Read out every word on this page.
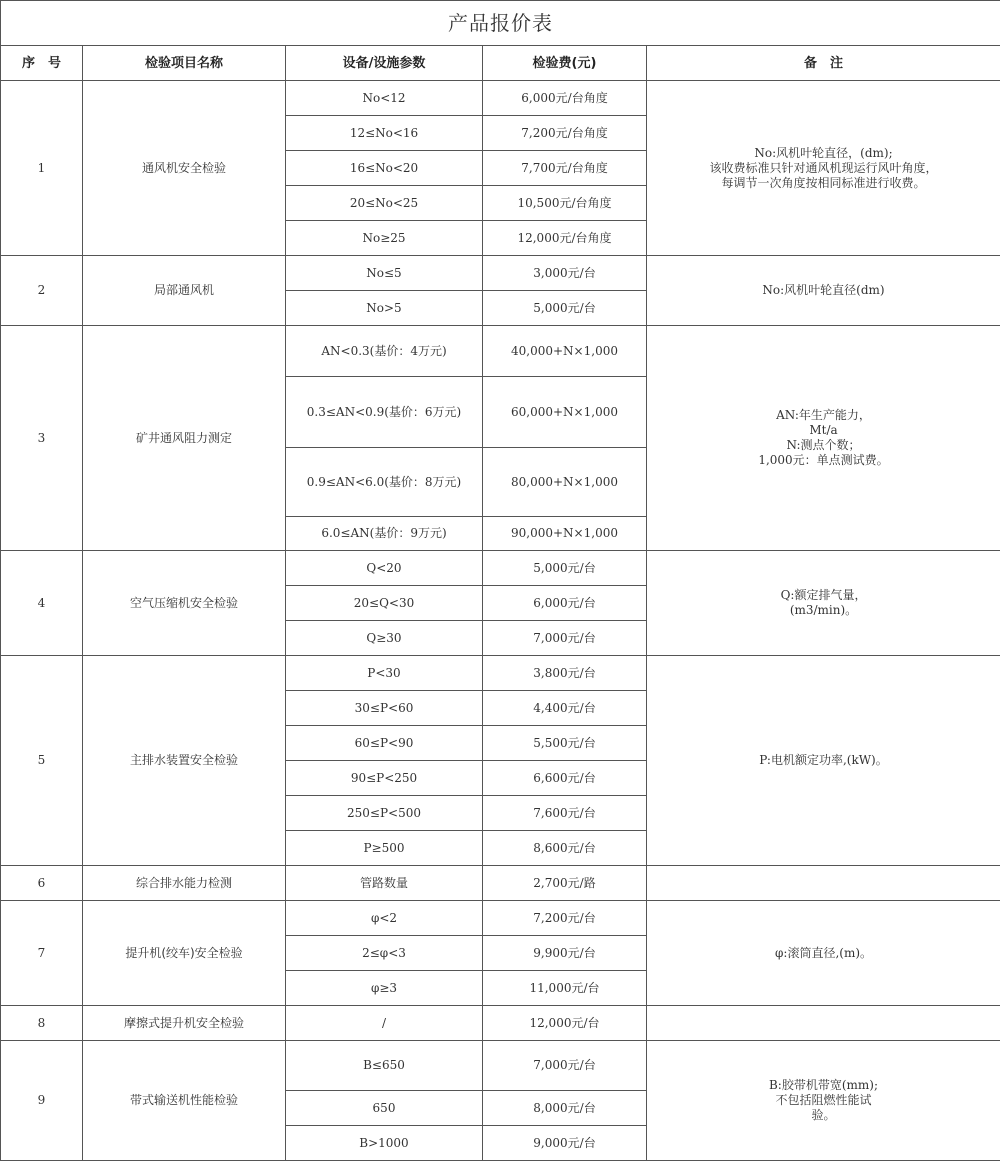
产品报价表				
序　号	检验项目名称	设备/设施参数	检验费(元)	备　注
1	通风机安全检验	No<12	6,000元/台角度	No:风机叶轮直径，(dm);
该收费标准只针对通风机现运行风叶角度，
每调节一次角度按相同标准进行收费。
		12≤No<16	7,200元/台角度	
		16≤No<20	7,700元/台角度	
		20≤No<25	10,500元/台角度	
		No≥25	12,000元/台角度	
2	局部通风机	No≤5	3,000元/台	No:风机叶轮直径(dm)
		No>5	5,000元/台	
3	矿井通风阻力测定	AN<0.3(基价：4万元)	40,000+N×1,000	AN:年生产能力，
Mt/a
N:测点个数；
1,000元：单点测试费。
		0.3≤AN<0.9(基价：6万元)	60,000+N×1,000	
		0.9≤AN<6.0(基价：8万元)	80,000+N×1,000	
		6.0≤AN(基价：9万元)	90,000+N×1,000	
4	空气压缩机安全检验	Q<20	5,000元/台	Q:额定排气量，
(m3/min)。
		20≤Q<30	6,000元/台	
		Q≥30	7,000元/台	
5	主排水装置安全检验	P<30	3,800元/台	P:电机额定功率,(kW)。
		30≤P<60	4,400元/台	
		60≤P<90	5,500元/台	
		90≤P<250	6,600元/台	
		250≤P<500	7,600元/台	
		P≥500	8,600元/台	
6	综合排水能力检测	管路数量	2,700元/路	
7	提升机(绞车)安全检验	φ<2	7,200元/台	φ:滚筒直径,(m)。
		2≤φ<3	9,900元/台	
		φ≥3	11,000元/台	
8	摩擦式提升机安全检验	/	12,000元/台	
9	带式输送机性能检验	B≤650	7,000元/台	B:胶带机带宽(mm);
不包括阻燃性能试
验。
		650	8,000元/台	
		B>1000	9,000元/台	
